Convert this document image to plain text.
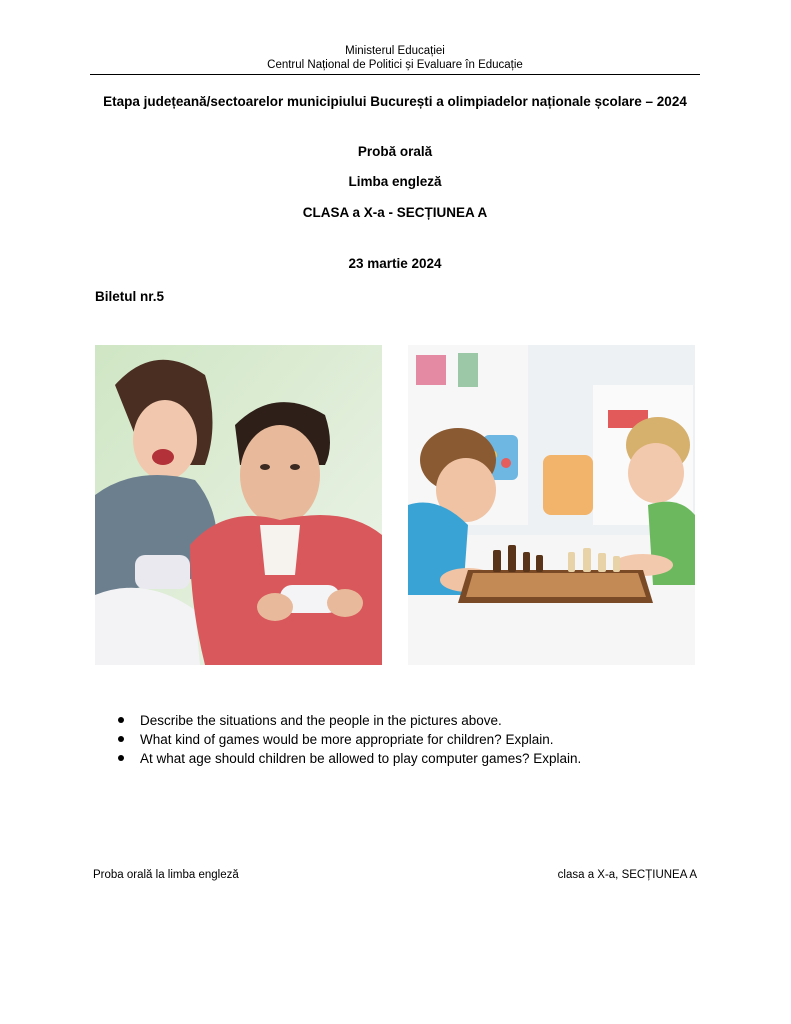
Ministerul Educației
Centrul Național de Politici și Evaluare în Educație
Etapa județeană/sectoarelor municipiului București a olimpiadelor naționale școlare – 2024
Probă orală
Limba engleză
CLASA a X-a - SECȚIUNEA A
23 martie 2024
Biletul nr.5
Describe the situations and the people in the pictures above.
What kind of games would be more appropriate for children? Explain.
At what age should children be allowed to play computer games? Explain.
Proba orală la limba engleză	clasa a X-a, SECȚIUNEA A
